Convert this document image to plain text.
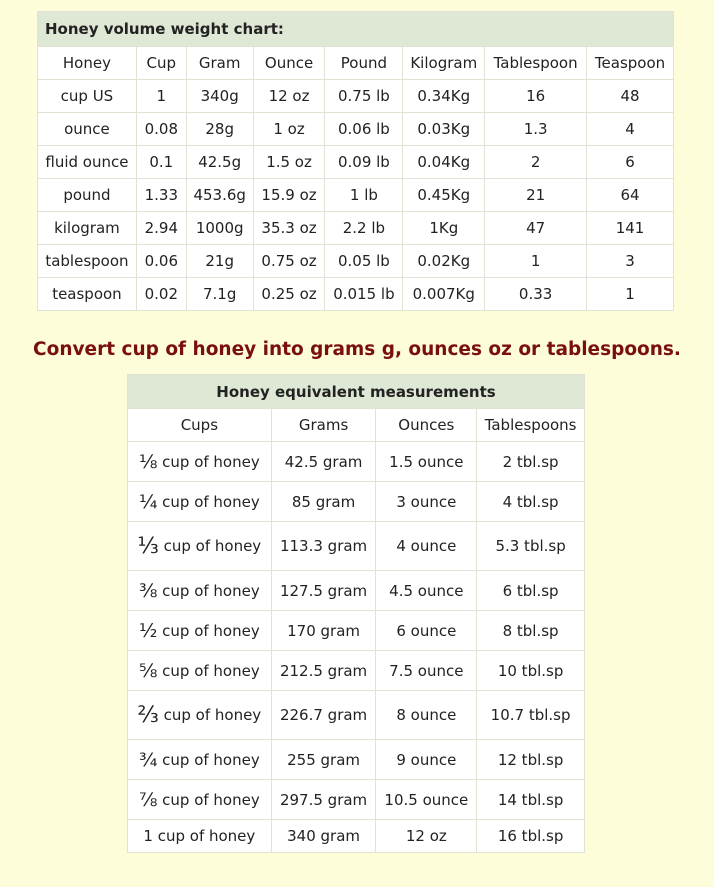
Honey volume weight chart:							
Honey	Cup	Gram	Ounce	Pound	Kilogram	Tablespoon	Teaspoon
cup US	1	340g	12 oz	0.75 lb	0.34Kg	16	48
ounce	0.08	28g	1 oz	0.06 lb	0.03Kg	1.3	4
fluid ounce	0.1	42.5g	1.5 oz	0.09 lb	0.04Kg	2	6
pound	1.33	453.6g	15.9 oz	1 lb	0.45Kg	21	64
kilogram	2.94	1000g	35.3 oz	2.2 lb	1Kg	47	141
tablespoon	0.06	21g	0.75 oz	0.05 lb	0.02Kg	1	3
teaspoon	0.02	7.1g	0.25 oz	0.015 lb	0.007Kg	0.33	1
Convert cup of honey into grams g, ounces oz or tablespoons.
Honey equivalent measurements			
Cups	Grams	Ounces	Tablespoons
⅛ cup of honey	42.5 gram	1.5 ounce	2 tbl.sp
¼ cup of honey	85 gram	3 ounce	4 tbl.sp
⅓ cup of honey	113.3 gram	4 ounce	5.3 tbl.sp
⅜ cup of honey	127.5 gram	4.5 ounce	6 tbl.sp
½ cup of honey	170 gram	6 ounce	8 tbl.sp
⅝ cup of honey	212.5 gram	7.5 ounce	10 tbl.sp
⅔ cup of honey	226.7 gram	8 ounce	10.7 tbl.sp
¾ cup of honey	255 gram	9 ounce	12 tbl.sp
⅞ cup of honey	297.5 gram	10.5 ounce	14 tbl.sp
1 cup of honey	340 gram	12 oz	16 tbl.sp
